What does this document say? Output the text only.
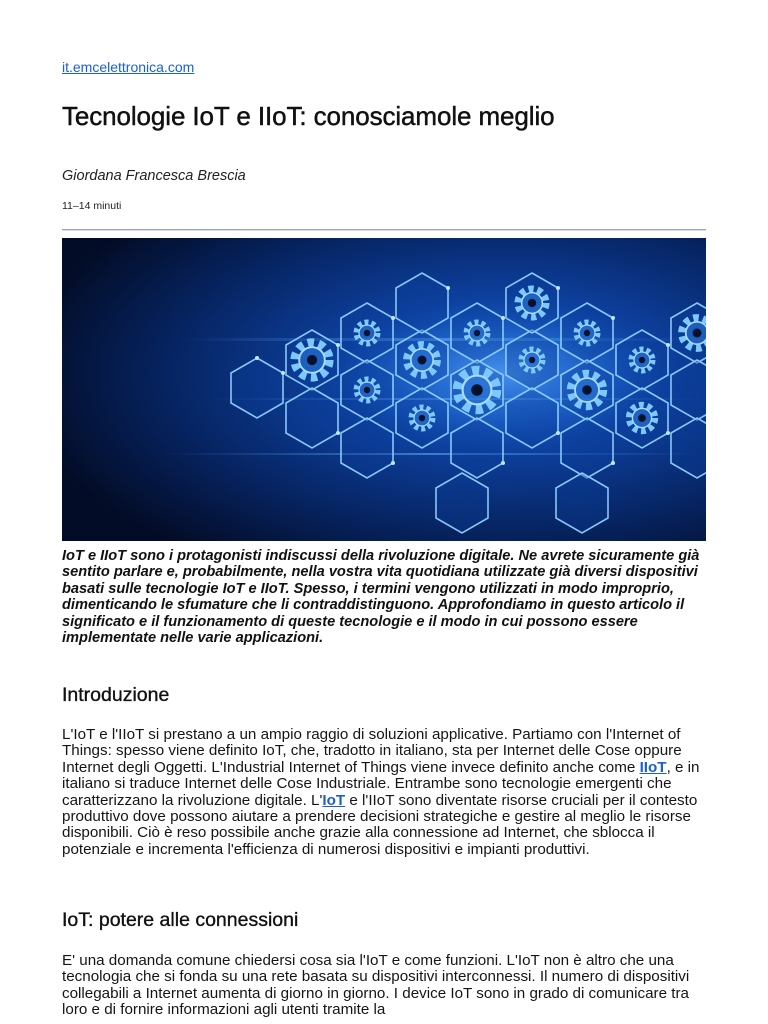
it.emcelettronica.com
Tecnologie IoT e IIoT: conosciamole meglio
Giordana Francesca Brescia
11–14 minuti

IoT e IIoT sono i protagonisti indiscussi della rivoluzione digitale. Ne avrete sicuramente già sentito parlare e, probabilmente, nella vostra vita quotidiana utilizzate già diversi dispositivi basati sulle tecnologie IoT e IIoT. Spesso, i termini vengono utilizzati in modo improprio, dimenticando le sfumature che li contraddistinguono. Approfondiamo in questo articolo il significato e il funzionamento di queste tecnologie e il modo in cui possono essere implementate nelle varie applicazioni.

Introduzione

L'IoT e l'IIoT si prestano a un ampio raggio di soluzioni applicative. Partiamo con l'Internet of Things: spesso viene definito IoT, che, tradotto in italiano, sta per Internet delle Cose oppure Internet degli Oggetti. L'Industrial Internet of Things viene invece definito anche come IIoT, e in italiano si traduce Internet delle Cose Industriale. Entrambe sono tecnologie emergenti che caratterizzano la rivoluzione digitale. L'IoT e l'IIoT sono diventate risorse cruciali per il contesto produttivo dove possono aiutare a prendere decisioni strategiche e gestire al meglio le risorse disponibili. Ciò è reso possibile anche grazie alla connessione ad Internet, che sblocca il potenziale e incrementa l'efficienza di numerosi dispositivi e impianti produttivi.

IoT: potere alle connessioni

E' una domanda comune chiedersi cosa sia l'IoT e come funzioni. L'IoT non è altro che una tecnologia che si fonda su una rete basata su dispositivi interconnessi. Il numero di dispositivi collegabili a Internet aumenta di giorno in giorno. I device IoT sono in grado di comunicare tra loro e di fornire informazioni agli utenti tramite la
